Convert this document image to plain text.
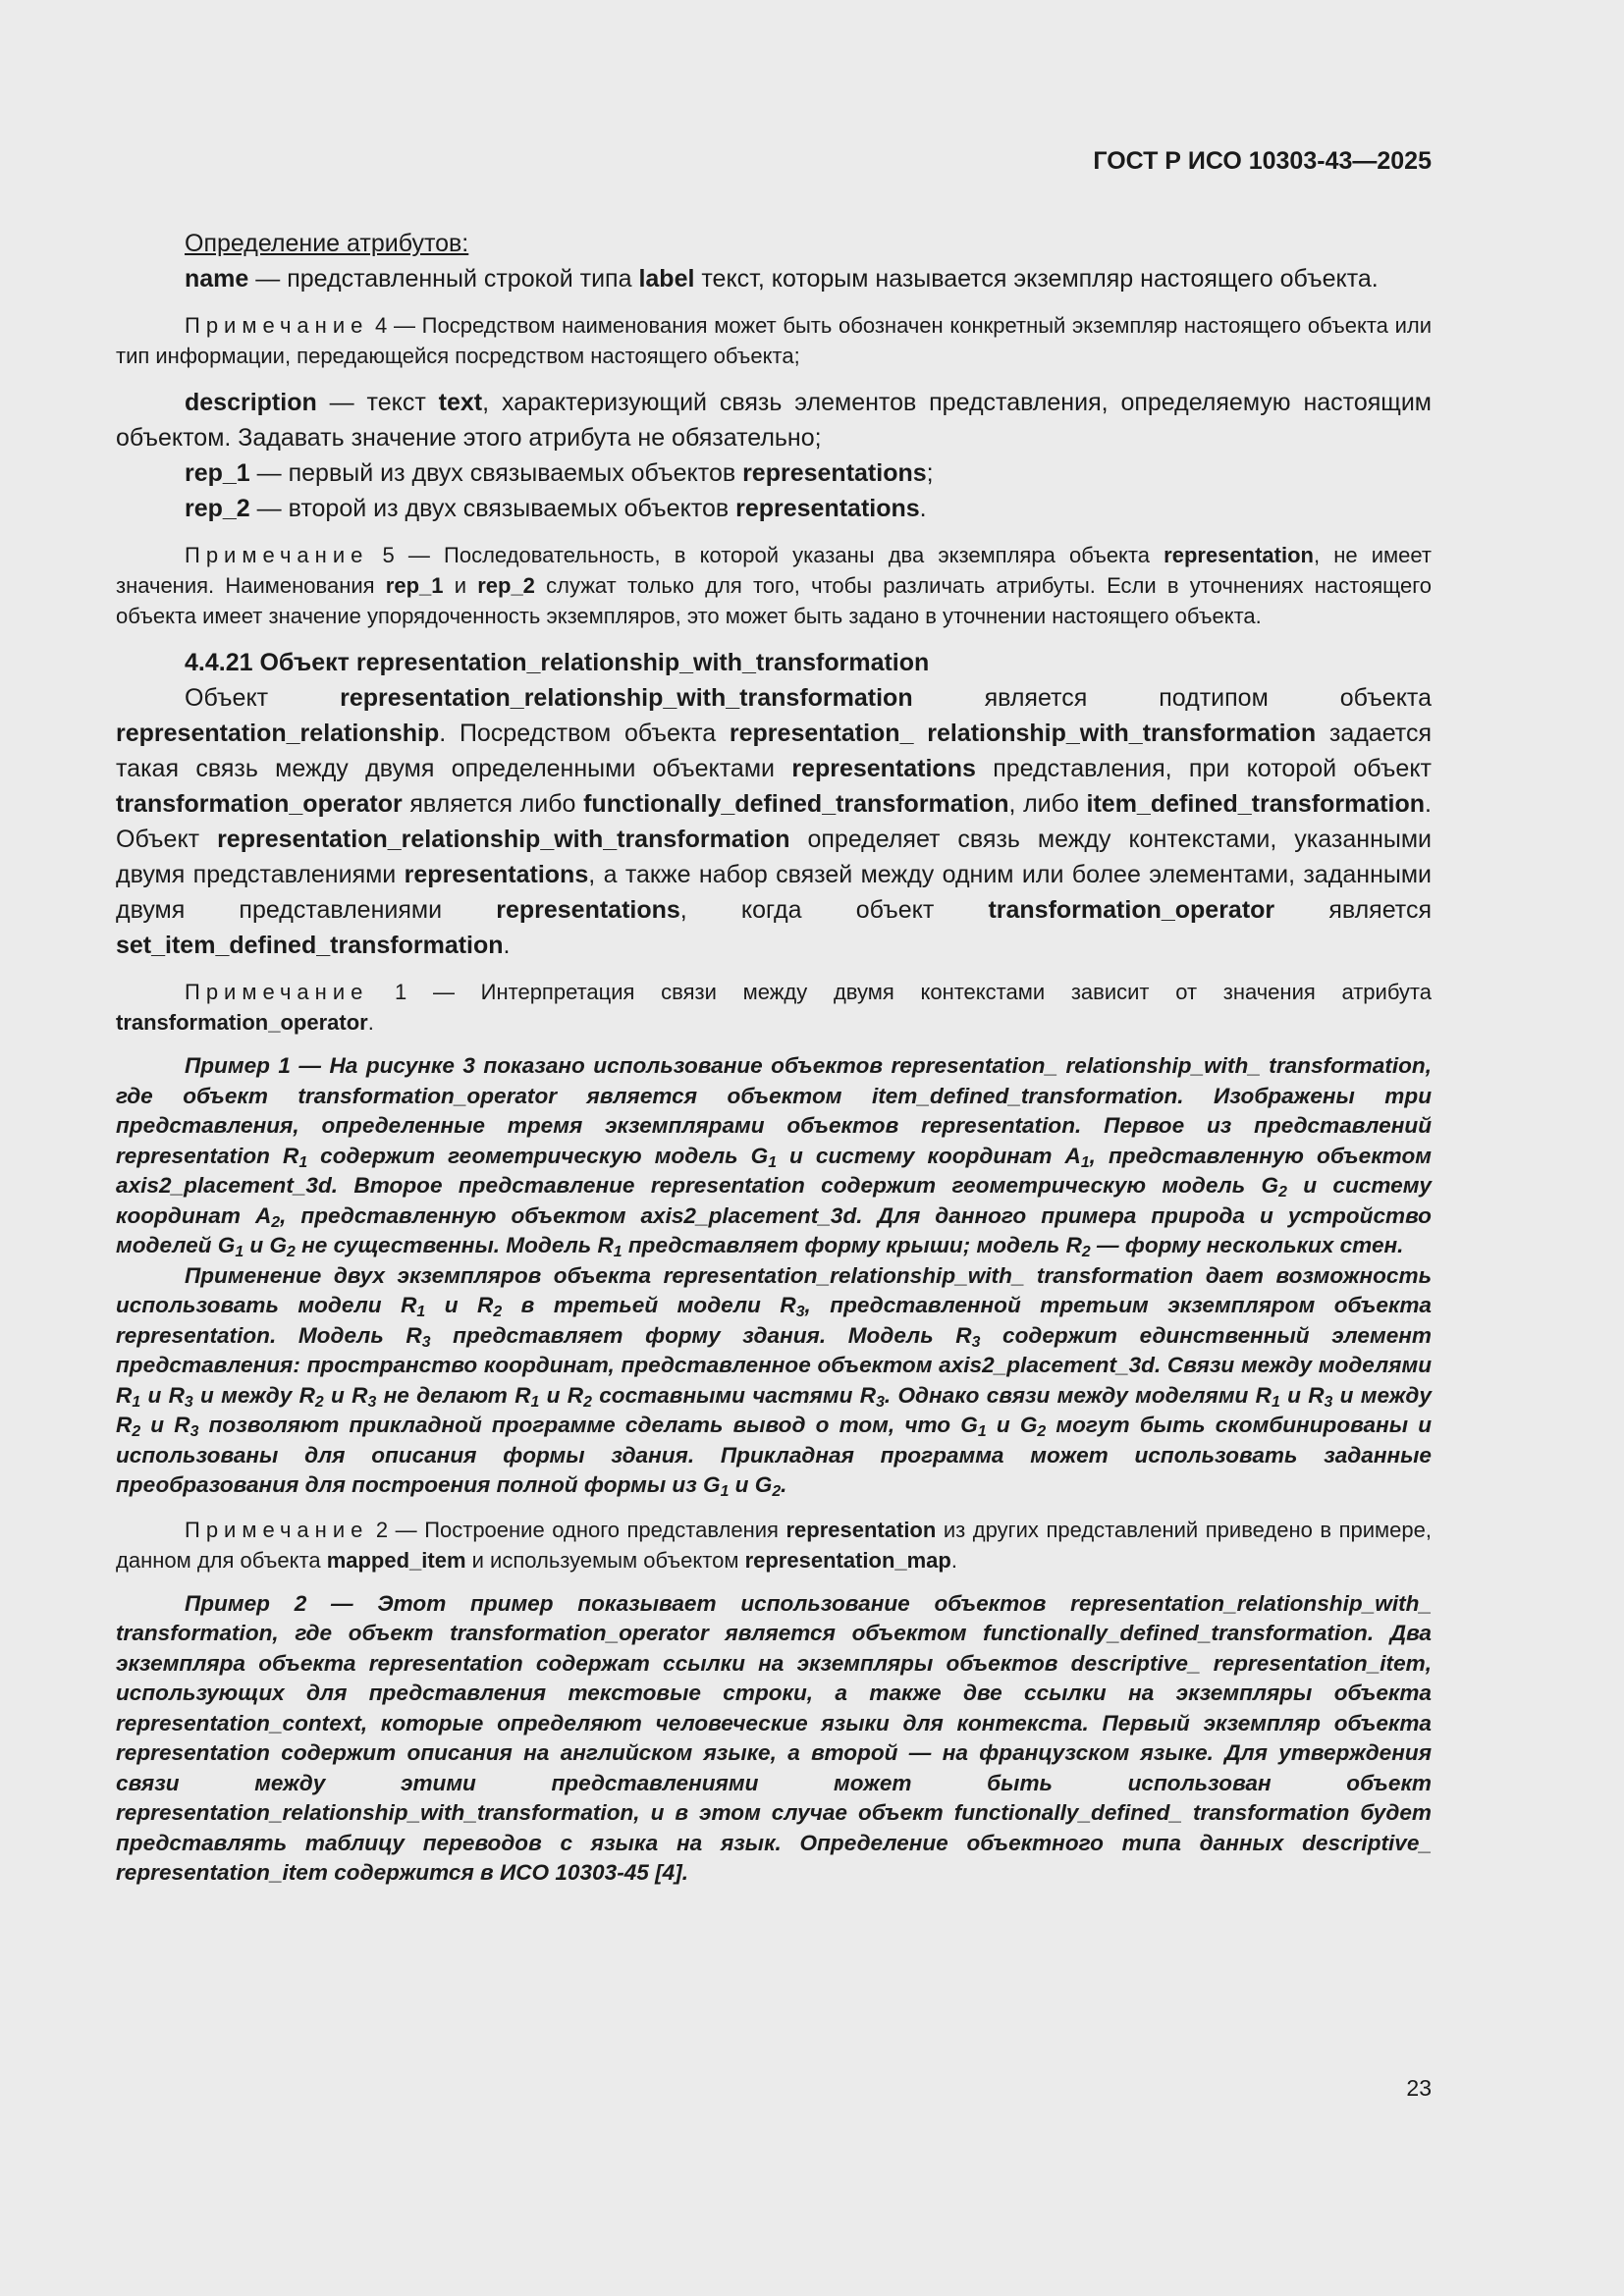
ГОСТ Р ИСО 10303-43—2025

Определение атрибутов:

name — представленный строкой типа label текст, которым называется экземпляр настоящего объекта.

Примечание 4 — Посредством наименования может быть обозначен конкретный экземпляр настоящего объекта или тип информации, передающейся посредством настоящего объекта;

description — текст text, характеризующий связь элементов представления, определяемую настоящим объектом. Задавать значение этого атрибута не обязательно;

rep_1 — первый из двух связываемых объектов representations;

rep_2 — второй из двух связываемых объектов representations.

Примечание 5 — Последовательность, в которой указаны два экземпляра объекта representation, не имеет значения. Наименования rep_1 и rep_2 служат только для того, чтобы различать атрибуты. Если в уточнениях настоящего объекта имеет значение упорядоченность экземпляров, это может быть задано в уточнении настоящего объекта.

4.4.21 Объект representation_relationship_with_transformation

Объект representation_relationship_with_transformation является подтипом объекта representation_relationship. Посредством объекта representation_ relationship_with_transformation задается такая связь между двумя определенными объектами representations представления, при которой объект transformation_operator является либо functionally_defined_transformation, либо item_defined_transformation. Объект representation_relationship_with_transformation определяет связь между контекстами, указанными двумя представлениями representations, а также набор связей между одним или более элементами, заданными двумя представлениями representations, когда объект transformation_operator является set_item_defined_transformation.

Примечание 1 — Интерпретация связи между двумя контекстами зависит от значения атрибута transformation_operator.

Пример 1 — На рисунке 3 показано использование объектов representation_ relationship_with_ transformation, где объект transformation_operator является объектом item_defined_transformation. Изображены три представления, определенные тремя экземплярами объектов representation. Первое из представлений representation $R_1$ содержит геометрическую модель $G_1$ и систему координат $A_1$, представленную объектом axis2_placement_3d. Второе представление representation содержит геометрическую модель $G_2$ и систему координат $A_2$, представленную объектом axis2_placement_3d. Для данного примера природа и устройство моделей $G_1$ и $G_2$ не существенны. Модель $R_1$ представляет форму крыши; модель $R_2$ — форму нескольких стен.

Применение двух экземпляров объекта representation_relationship_with_ transformation дает возможность использовать модели $R_1$ и $R_2$ в третьей модели $R_3$, представленной третьим экземпляром объекта representation. Модель $R_3$ представляет форму здания. Модель $R_3$ содержит единственный элемент представления: пространство координат, представленное объектом axis2_placement_3d. Связи между моделями $R_1$ и $R_3$ и между $R_2$ и $R_3$ не делают $R_1$ и $R_2$ составными частями $R_3$. Однако связи между моделями $R_1$ и $R_3$ и между $R_2$ и $R_3$ позволяют прикладной программе сделать вывод о том, что $G_1$ и $G_2$ могут быть скомбинированы и использованы для описания формы здания. Прикладная программа может использовать заданные преобразования для построения полной формы из $G_1$ и $G_2$.

Примечание 2 — Построение одного представления representation из других представлений приведено в примере, данном для объекта mapped_item и используемым объектом representation_map.

Пример 2 — Этот пример показывает использование объектов representation_relationship_with_ transformation, где объект transformation_operator является объектом functionally_defined_transformation. Два экземпляра объекта representation содержат ссылки на экземпляры объектов descriptive_ representation_item, использующих для представления текстовые строки, а также две ссылки на экземпляры объекта representation_context, которые определяют человеческие языки для контекста. Первый экземпляр объекта representation содержит описания на английском языке, а второй — на французском языке. Для утверждения связи между этими представлениями может быть использован объект representation_relationship_with_transformation, и в этом случае объект functionally_defined_ transformation будет представлять таблицу переводов с языка на язык. Определение объектного типа данных descriptive_ representation_item содержится в ИСО 10303-45 [4].

23
